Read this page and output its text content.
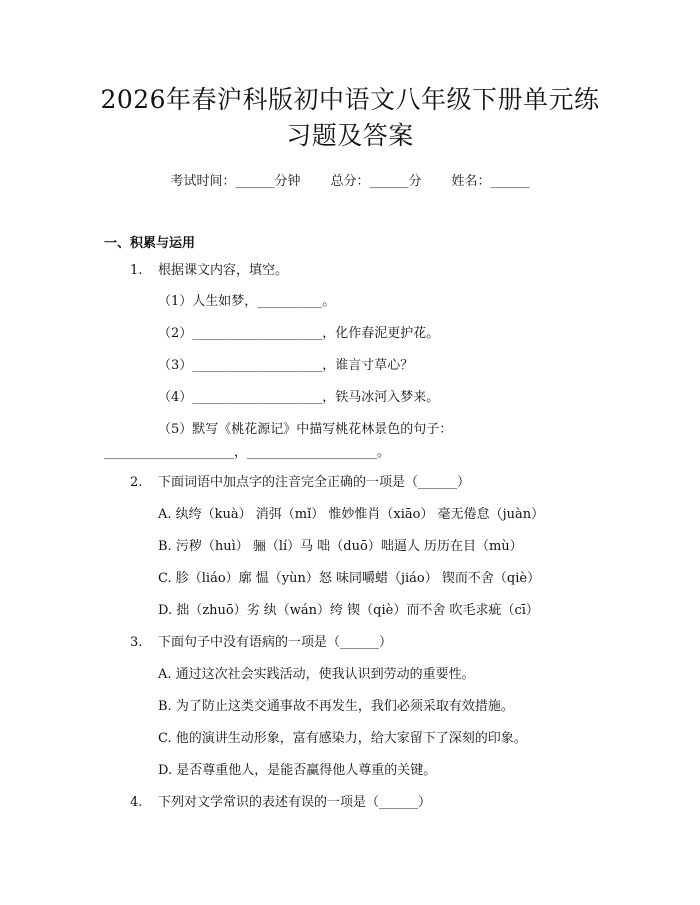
2026年春沪科版初中语文八年级下册单元练
习题及答案
考试时间：______分钟 总分：______分 姓名：______
一、积累与运用
1. 根据课文内容，填空。
（1）人生如梦，__________。
（2）____________________，化作春泥更护花。
（3）____________________，谁言寸草心？
（4）____________________，铁马冰河入梦来。
（5）默写《桃花源记》中描写桃花林景色的句子：
____________________，____________________。
2. 下面词语中加点字的注音完全正确的一项是（______）
A. 纨绔（kuà） 消弭（mǐ） 惟妙惟肖（xiāo） 毫无倦怠（juàn）
B. 污秽（huì） 骊（lí）马 咄（duō）咄逼人 历历在目（mù）
C. 胗（liáo）廓 愠（yùn）怒 味同嚼蜡（jiáo） 锲而不舍（qiè）
D. 拙（zhuō）劣 纨（wán）绔 锲（qiè）而不舍 吹毛求疵（cī）
3. 下面句子中没有语病的一项是（______）
A. 通过这次社会实践活动，使我认识到劳动的重要性。
B. 为了防止这类交通事故不再发生，我们必须采取有效措施。
C. 他的演讲生动形象，富有感染力，给大家留下了深刻的印象。
D. 是否尊重他人，是能否赢得他人尊重的关键。
4. 下列对文学常识的表述有误的一项是（______）
